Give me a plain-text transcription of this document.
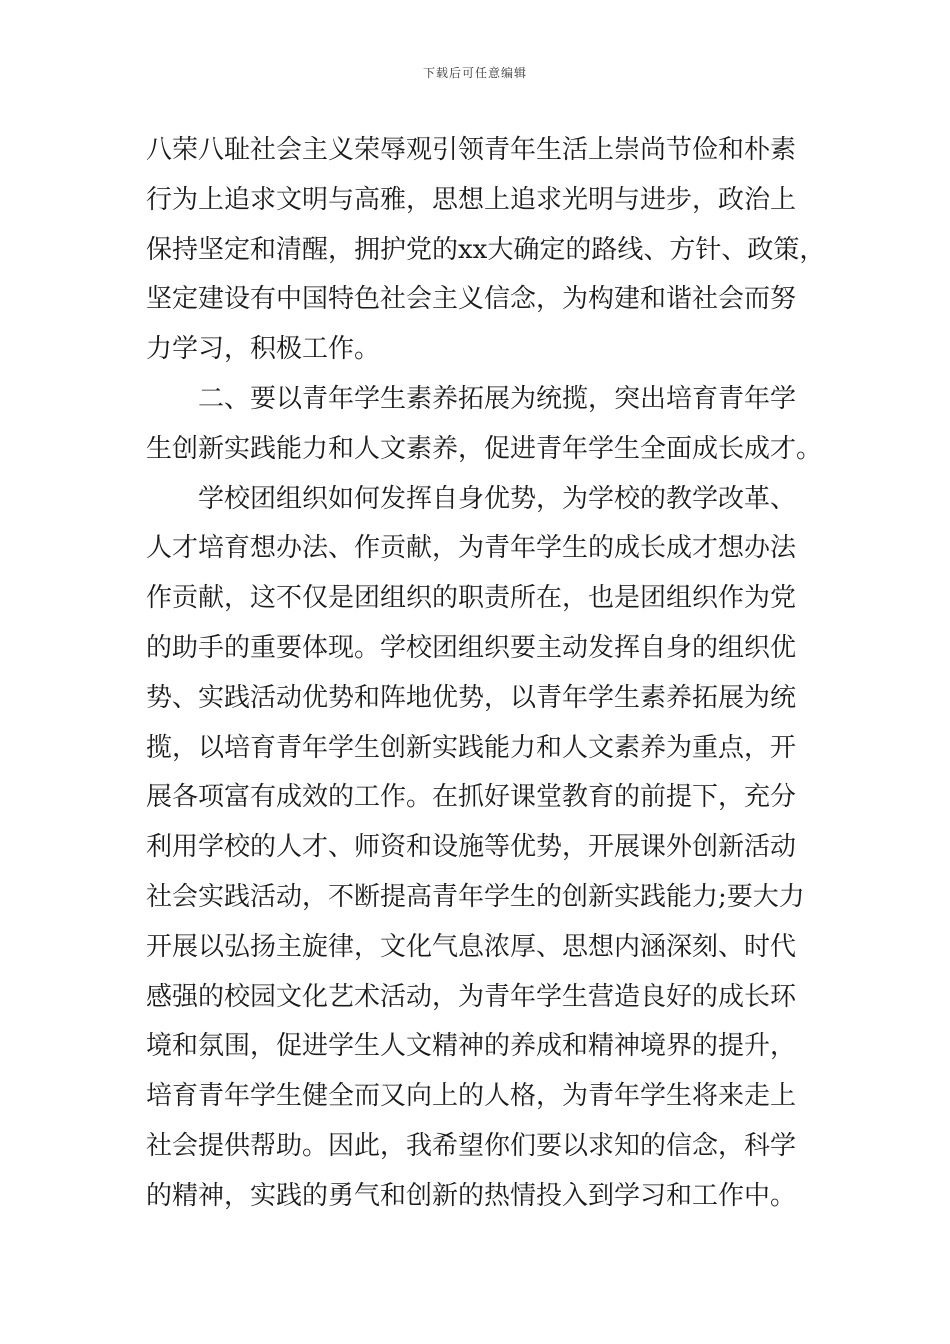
下载后可任意编辑
八荣八耻社会主义荣辱观引领青年生活上崇尚节俭和朴素
行为上追求文明与高雅，思想上追求光明与进步，政治上
保持坚定和清醒，拥护党的xx大确定的路线、方针、政策，
坚定建设有中国特色社会主义信念，为构建和谐社会而努
力学习，积极工作。
二、要以青年学生素养拓展为统揽，突出培育青年学
生创新实践能力和人文素养，促进青年学生全面成长成才。
学校团组织如何发挥自身优势，为学校的教学改革、
人才培育想办法、作贡献，为青年学生的成长成才想办法
作贡献，这不仅是团组织的职责所在，也是团组织作为党
的助手的重要体现。学校团组织要主动发挥自身的组织优
势、实践活动优势和阵地优势，以青年学生素养拓展为统
揽，以培育青年学生创新实践能力和人文素养为重点，开
展各项富有成效的工作。在抓好课堂教育的前提下，充分
利用学校的人才、师资和设施等优势，开展课外创新活动
社会实践活动，不断提高青年学生的创新实践能力;要大力
开展以弘扬主旋律，文化气息浓厚、思想内涵深刻、时代
感强的校园文化艺术活动，为青年学生营造良好的成长环
境和氛围，促进学生人文精神的养成和精神境界的提升，
培育青年学生健全而又向上的人格，为青年学生将来走上
社会提供帮助。因此，我希望你们要以求知的信念，科学
的精神，实践的勇气和创新的热情投入到学习和工作中。
